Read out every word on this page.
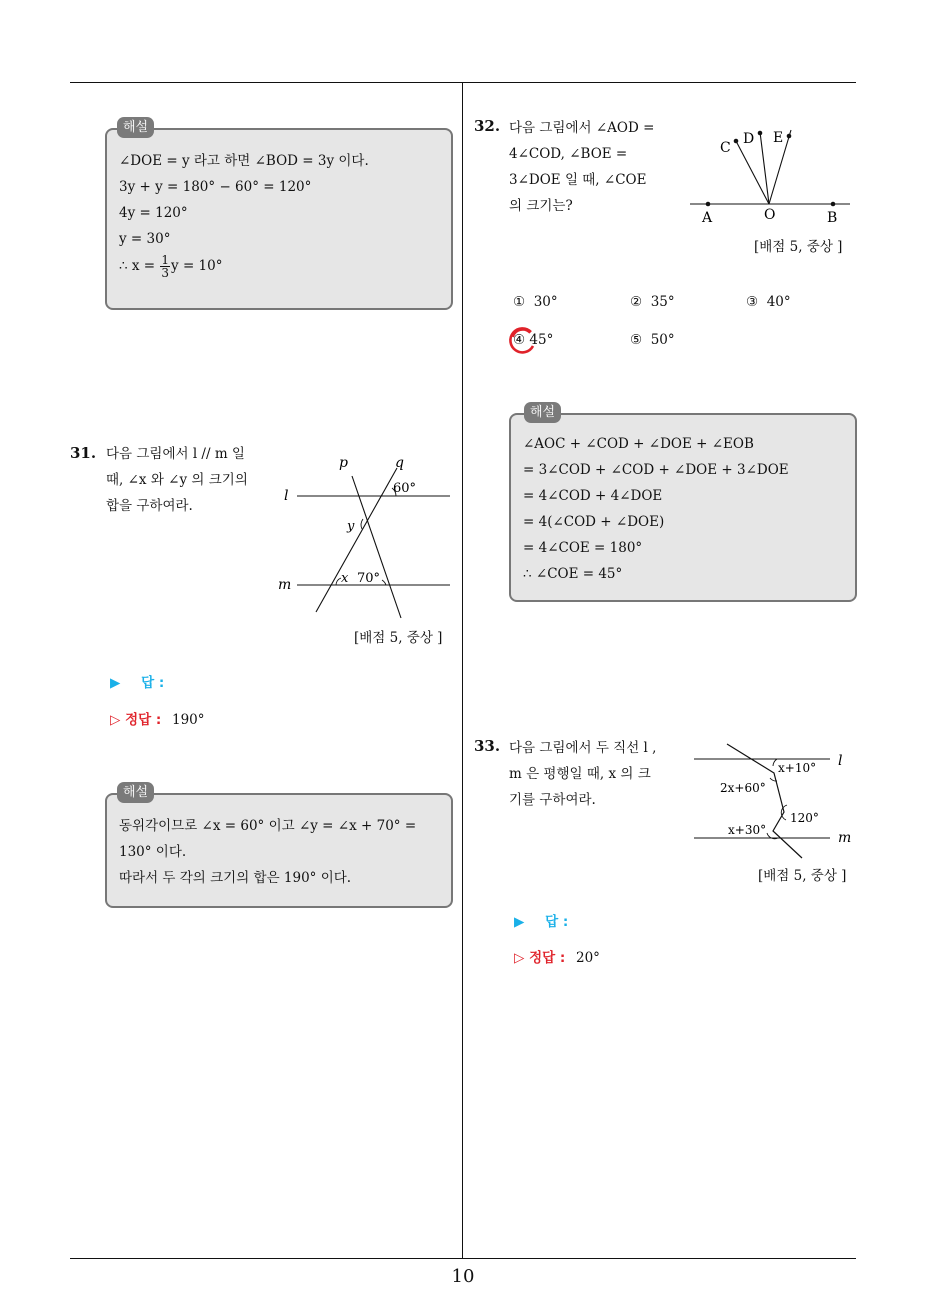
10
∠DOE = y 라고 하면 ∠BOD = 3y 이다.
3y + y = 180° − 60° = 120°
4y = 120°
y = 30°
∴ $x = \frac{1}{3}$ y = 10°
해설
31. 다음 그림에서 l // m 일
때, ∠x 와 ∠y 의 크기의
합을 구하여라.
p	q
l
m
60°
y
x 70°
[배점 5, 중상 ]
▶ 답 :
▷ 정답 : 190°
동위각이므로 ∠x = 60° 이고 ∠y = ∠x + 70° =
130° 이다.
따라서 두 각의 크기의 합은 190° 이다.
해설
32. 다음 그림에서 ∠AOD =
4∠COD, ∠BOE =
3∠DOE 일 때, ∠COE
의 크기는?
A	O	B
C
D E
[배점 5, 중상 ]
① 30°	② 35°	③ 40°
④ 45°	⑤ 50°
∠AOC + ∠COD + ∠DOE + ∠EOB
= 3∠COD + ∠COD + ∠DOE + 3∠DOE
= 4∠COD + 4∠DOE
= 4(∠COD + ∠DOE)
= 4∠COE = 180°
∴ ∠COE = 45°
해설
33. 다음 그림에서 두 직선 l ,
m 은 평행일 때, x 의 크
기를 구하여라.
l
m
x+10°
2x+60°
120°
x+30°
[배점 5, 중상 ]
▶ 답 :
▷ 정답 : 20°
